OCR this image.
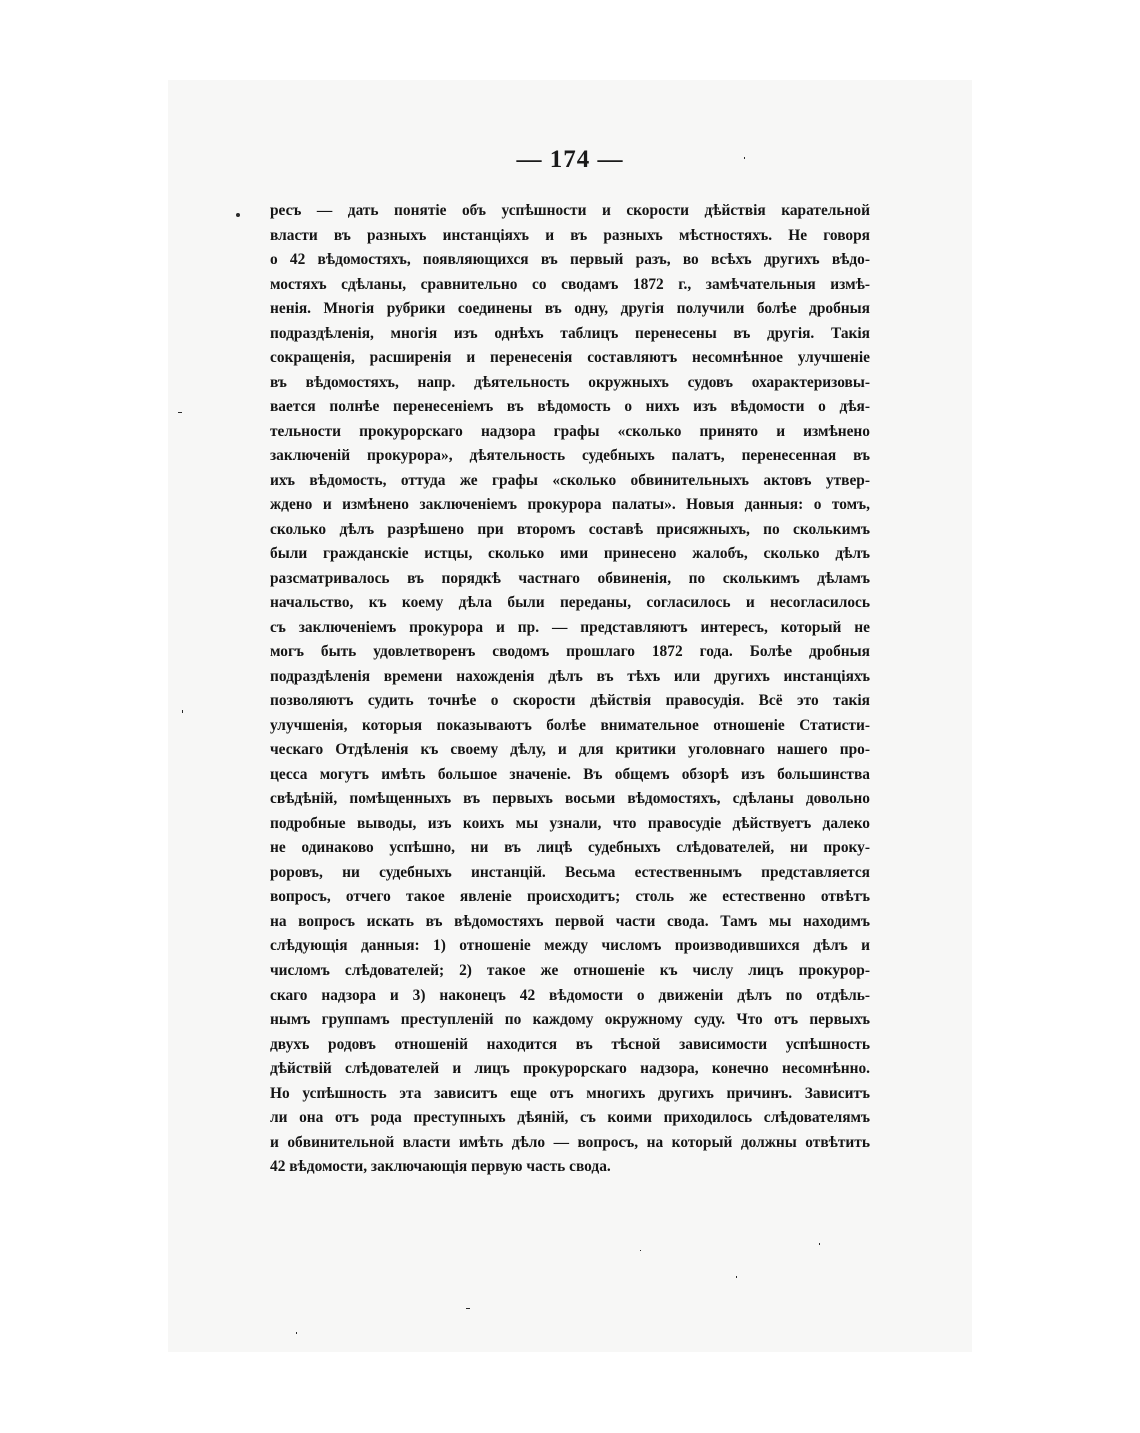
— 174 —
ресъ — дать понятіе объ успѣшности и скорости дѣйствія карательной
власти въ разныхъ инстанціяхъ и въ разныхъ мѣстностяхъ. Не говоря
о 42 вѣдомостяхъ, появляющихся въ первый разъ, во всѣхъ другихъ вѣдо-
мостяхъ сдѣланы, сравнительно со сводамъ 1872 г., замѣчательныя измѣ-
ненія. Многія рубрики соединены въ одну, другія получили болѣе дробныя
подраздѣленія, многія изъ однѣхъ таблицъ перенесены въ другія. Такія
сокращенія, расширенія и перенесенія составляютъ несомнѣнное улучшеніе
въ вѣдомостяхъ, напр. дѣятельность окружныхъ судовъ охарактеризовы-
вается полнѣе перенесеніемъ въ вѣдомость о нихъ изъ вѣдомости о дѣя-
тельности прокурорскаго надзора графы «сколько принято и измѣнено
заключеній прокурора», дѣятельность судебныхъ палатъ, перенесенная въ
ихъ вѣдомость, оттуда же графы «сколько обвинительныхъ актовъ утвер-
ждено и измѣнено заключеніемъ прокурора палаты». Новыя данныя: о томъ,
сколько дѣлъ разрѣшено при второмъ составѣ присяжныхъ, по сколькимъ
были гражданскіе истцы, сколько ими принесено жалобъ, сколько дѣлъ
разсматривалось въ порядкѣ частнаго обвиненія, по сколькимъ дѣламъ
начальство, къ коему дѣла были переданы, согласилось и несогласилось
съ заключеніемъ прокурора и пр. — представляютъ интересъ, который не
могъ быть удовлетворенъ сводомъ прошлаго 1872 года. Болѣе дробныя
подраздѣленія времени нахожденія дѣлъ въ тѣхъ или другихъ инстанціяхъ
позволяютъ судить точнѣе о скорости дѣйствія правосудія. Всё это такія
улучшенія, которыя показываютъ болѣе внимательное отношеніе Статисти-
ческаго Отдѣленія къ своему дѣлу, и для критики уголовнаго нашего про-
цесса могутъ имѣть большое значеніе. Въ общемъ обзорѣ изъ большинства
свѣдѣній, помѣщенныхъ въ первыхъ восьми вѣдомостяхъ, сдѣланы довольно
подробные выводы, изъ коихъ мы узнали, что правосудіе дѣйствуетъ далеко
не одинаково успѣшно, ни въ лицѣ судебныхъ слѣдователей, ни проку-
роровъ, ни судебныхъ инстанцій. Весьма естественнымъ представляется
вопросъ, отчего такое явленіе происходитъ; столь же естественно отвѣтъ
на вопросъ искать въ вѣдомостяхъ первой части свода. Тамъ мы находимъ
слѣдующія данныя: 1) отношеніе между числомъ производившихся дѣлъ и
числомъ слѣдователей; 2) такое же отношеніе къ числу лицъ прокурор-
скаго надзора и 3) наконецъ 42 вѣдомости о движеніи дѣлъ по отдѣль-
нымъ группамъ преступленій по каждому окружному суду. Что отъ первыхъ
двухъ родовъ отношеній находится въ тѣсной зависимости успѣшность
дѣйствій слѣдователей и лицъ прокурорскаго надзора, конечно несомнѣнно.
Но успѣшность эта зависитъ еще отъ многихъ другихъ причинъ. Зависитъ
ли она отъ рода преступныхъ дѣяній, съ коими приходилось слѣдователямъ
и обвинительной власти имѣть дѣло — вопросъ, на который должны отвѣтить
42 вѣдомости, заключающія первую часть свода.
